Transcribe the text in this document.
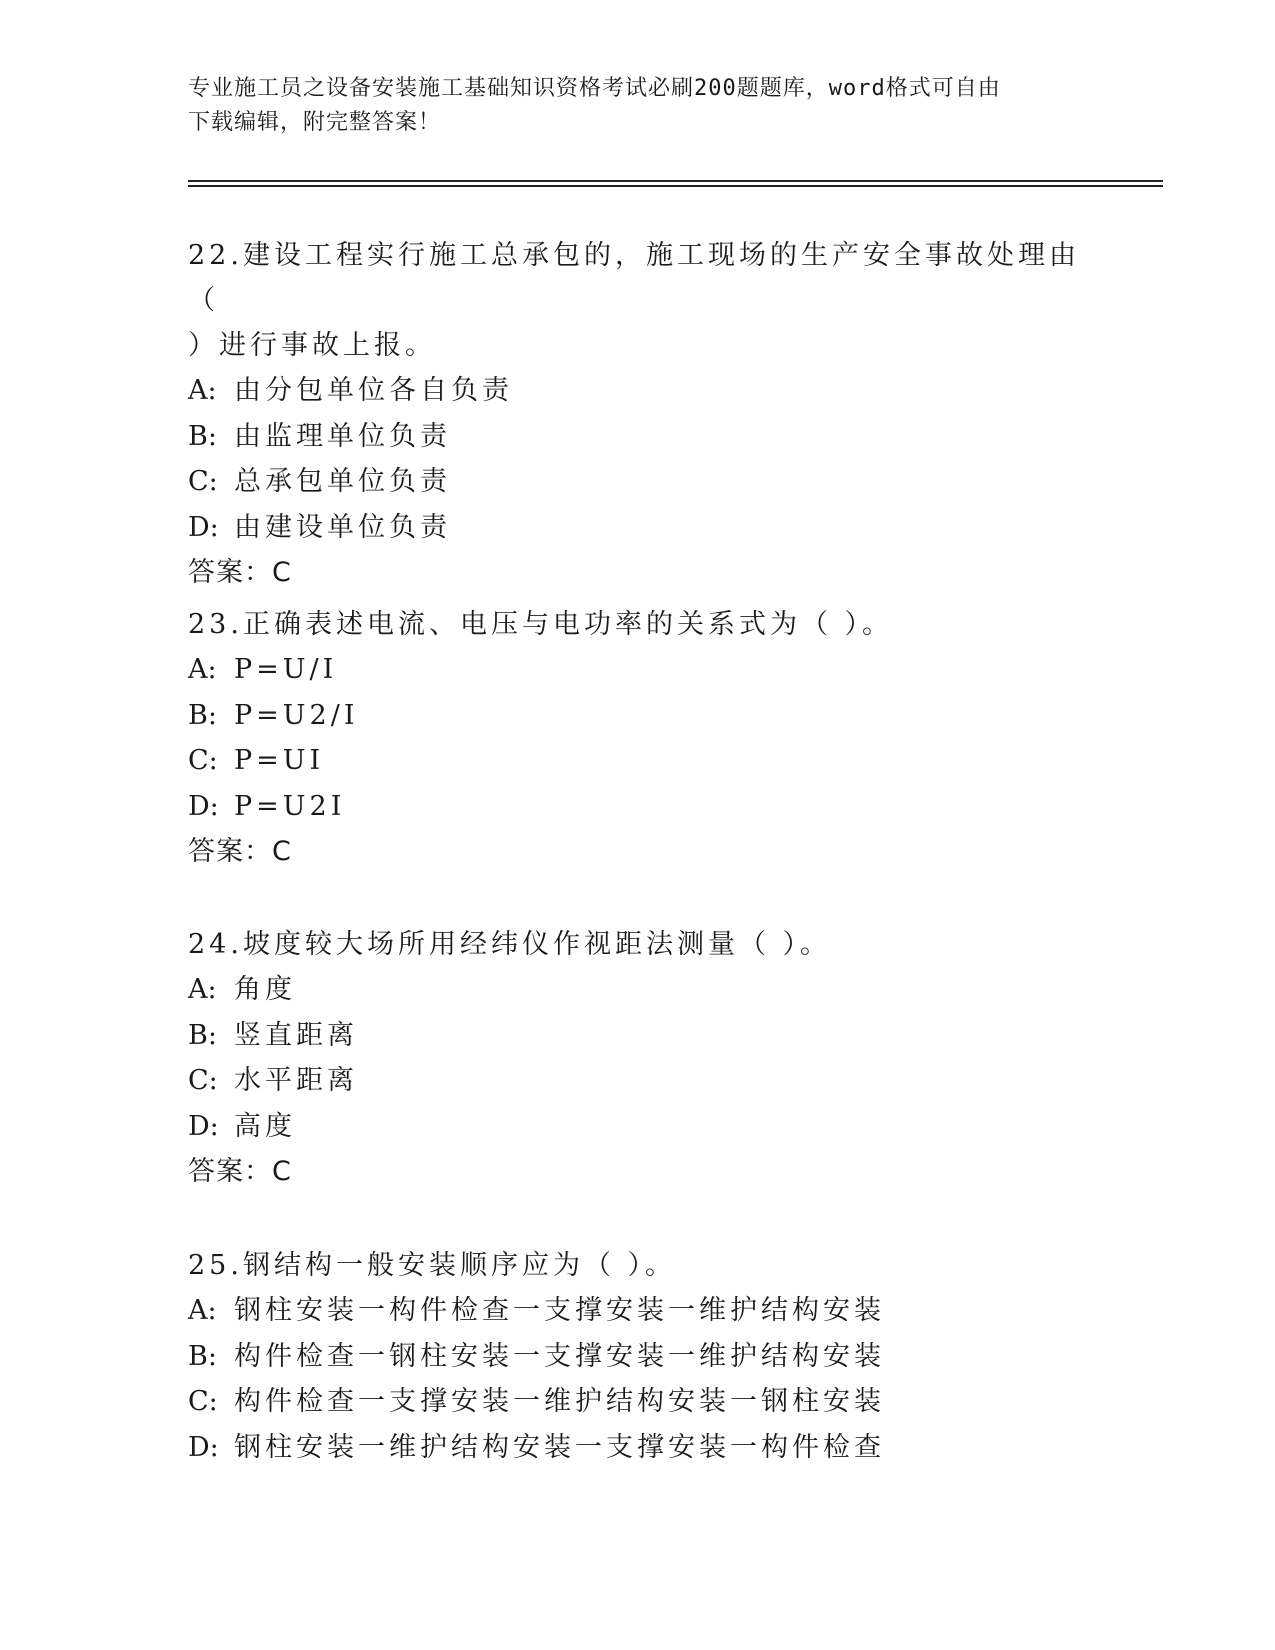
专业施工员之设备安装施工基础知识资格考试必刷200题题库，word格式可自由
下载编辑，附完整答案！
22.建设工程实行施工总承包的，施工现场的生产安全事故处理由（
）进行事故上报。
A: 由分包单位各自负责
B: 由监理单位负责
C: 总承包单位负责
D: 由建设单位负责
答案：C
23.正确表述电流、电压与电功率的关系式为（ ）。
A: P=U/I
B: P=U2/I
C: P=UI
D: P=U2I
答案：C
24.坡度较大场所用经纬仪作视距法测量（ ）。
A: 角度
B: 竖直距离
C: 水平距离
D: 高度
答案：C
25.钢结构一般安装顺序应为（ ）。
A: 钢柱安装一构件检查一支撑安装一维护结构安装
B: 构件检查一钢柱安装一支撑安装一维护结构安装
C: 构件检查一支撑安装一维护结构安装一钢柱安装
D: 钢柱安装一维护结构安装一支撑安装一构件检查
